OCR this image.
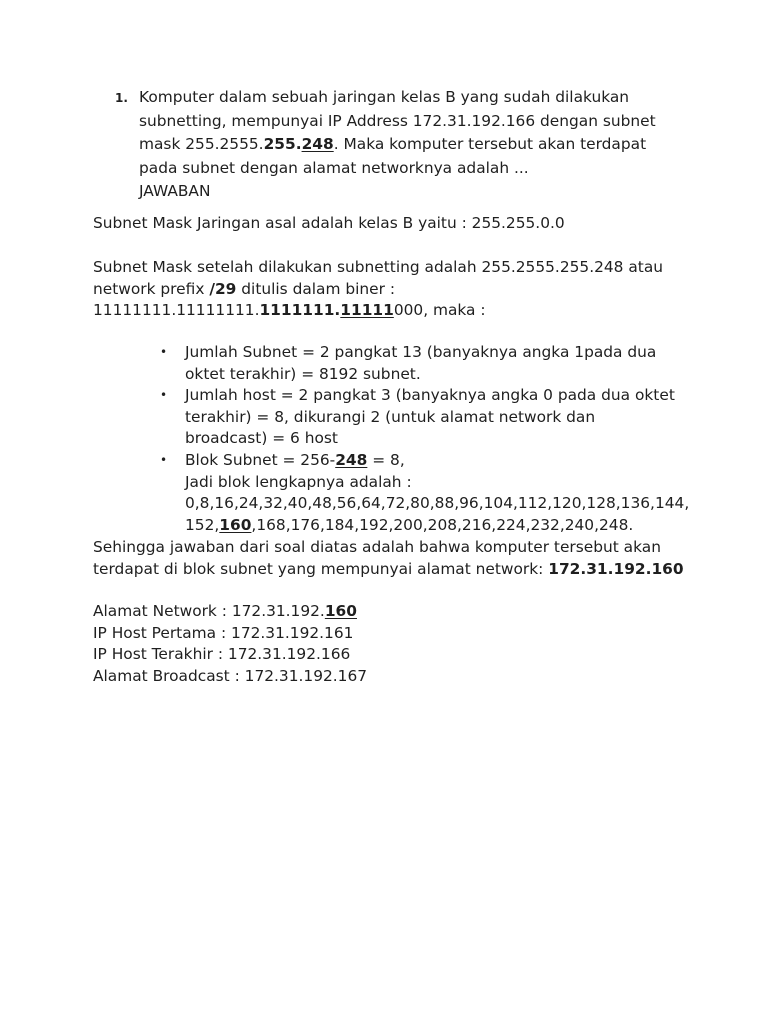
1. Komputer dalam sebuah jaringan kelas B yang sudah dilakukan
subnetting, mempunyai IP Address 172.31.192.166 dengan subnet
mask 255.2555.255.248. Maka komputer tersebut akan terdapat
pada subnet dengan alamat networknya adalah ...
JAWABAN
Subnet Mask Jaringan asal adalah kelas B yaitu : 255.255.0.0
Subnet Mask setelah dilakukan subnetting adalah 255.2555.255.248 atau
network prefix /29 ditulis dalam biner :
11111111.11111111.1111111.11111000, maka :
• Jumlah Subnet = 2 pangkat 13 (banyaknya angka 1pada dua
oktet terakhir) = 8192 subnet.
• Jumlah host = 2 pangkat 3 (banyaknya angka 0 pada dua oktet
terakhir) = 8, dikurangi 2 (untuk alamat network dan
broadcast) = 6 host
• Blok Subnet = 256-248 = 8,
Jadi blok lengkapnya adalah :
0,8,16,24,32,40,48,56,64,72,80,88,96,104,112,120,128,136,144,
152,160,168,176,184,192,200,208,216,224,232,240,248.
Sehingga jawaban dari soal diatas adalah bahwa komputer tersebut akan
terdapat di blok subnet yang mempunyai alamat network: 172.31.192.160
Alamat Network : 172.31.192.160
IP Host Pertama : 172.31.192.161
IP Host Terakhir : 172.31.192.166
Alamat Broadcast : 172.31.192.167
